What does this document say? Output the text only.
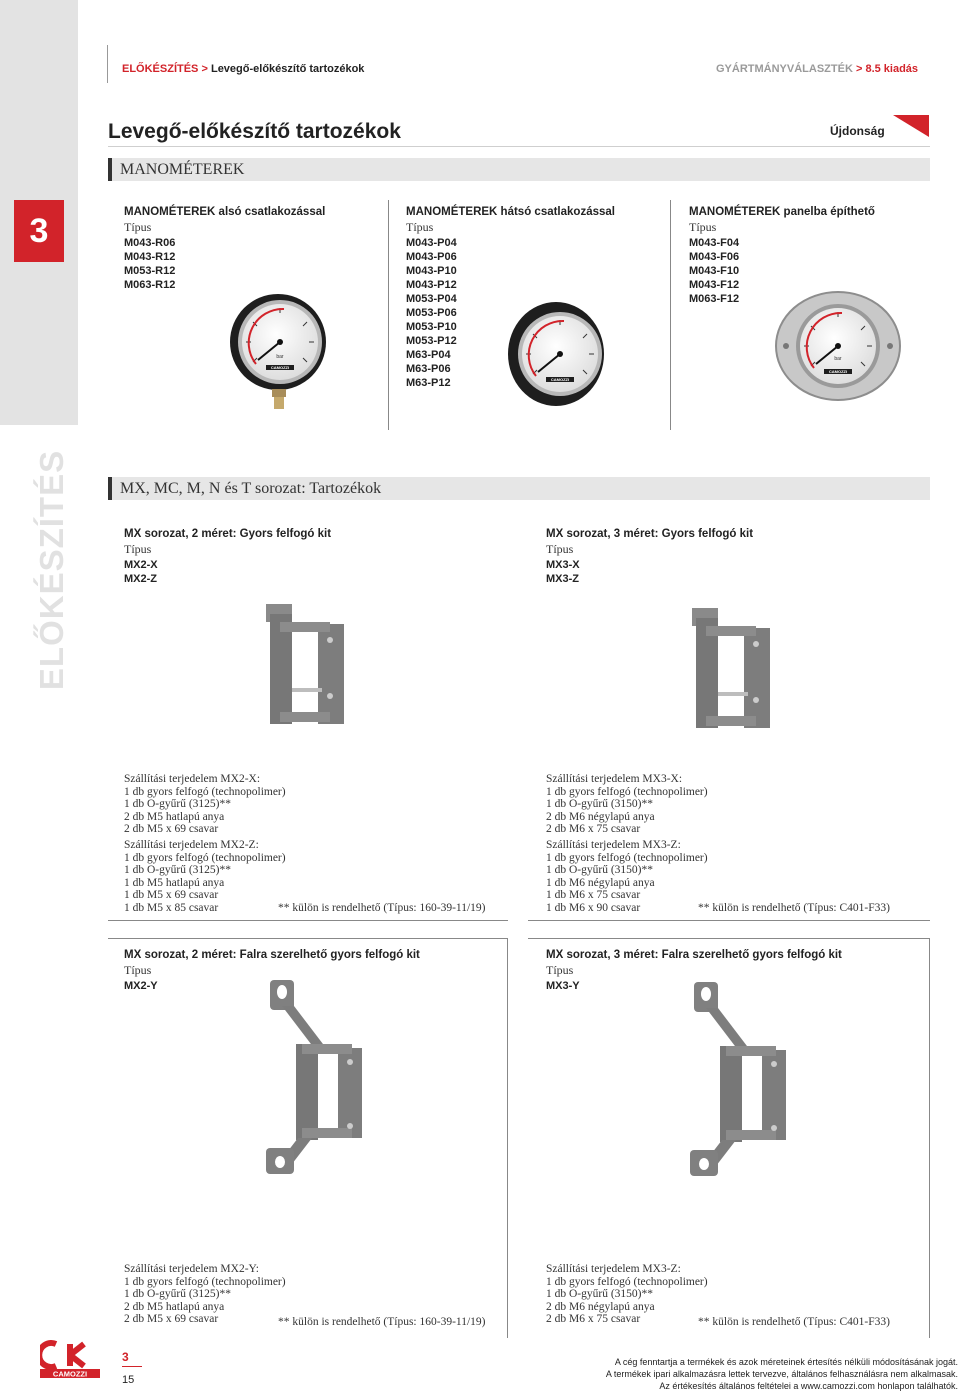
3
ELŐKÉSZÍTÉS
ELŐKÉSZÍTÉS > Levegő-előkészítő tartozékok	GYÁRTMÁNYVÁLASZTÉK > 8.5 kiadás
Levegő-előkészítő tartozékok	Újdonság
MANOMÉTEREK
MANOMÉTEREK alsó csatlakozással
Típus
M043-R06
M043-R12
M053-R12
M063-R12
bar
CAMOZZI
MANOMÉTEREK hátsó csatlakozással
Típus
M043-P04
M043-P06
M043-P10
M043-P12
M053-P04
M053-P06
M053-P10
M053-P12
M63-P04
M63-P06
M63-P12	CAMOZZI
MANOMÉTEREK panelba építhető
Típus
M043-F04
M043-F06
M043-F10
M043-F12
M063-F12
bar
CAMOZZI
MX, MC, M, N és T sorozat: Tartozékok
MX sorozat, 2 méret: Gyors felfogó kit
Típus
MX2-X
MX2-Z
MX sorozat, 3 méret: Gyors felfogó kit
Típus
MX3-X
MX3-Z
Szállítási terjedelem MX2-X:
1 db gyors felfogó (technopolimer)
1 db O-gyűrű (3125)**
2 db M5 hatlapú anya
2 db M5 x 69 csavar
Szállítási terjedelem MX2-Z:
1 db gyors felfogó (technopolimer)
1 db O-gyűrű (3125)**
1 db M5 hatlapú anya
1 db M5 x 69 csavar
1 db M5 x 85 csavar	** külön is rendelhető (Típus: 160-39-11/19)
Szállítási terjedelem MX3-X:
1 db gyors felfogó (technopolimer)
1 db O-gyűrű (3150)**
2 db M6 négylapú anya
2 db M6 x 75 csavar
Szállítási terjedelem MX3-Z:
1 db gyors felfogó (technopolimer)
1 db O-gyűrű (3150)**
1 db M6 négylapú anya
1 db M6 x 75 csavar
1 db M6 x 90 csavar	** külön is rendelhető (Típus: C401-F33)
MX sorozat, 2 méret: Falra szerelhető gyors felfogó kit
Típus
MX2-Y
MX sorozat, 3 méret: Falra szerelhető gyors felfogó kit
Típus
MX3-Y
Szállítási terjedelem MX2-Y:
1 db gyors felfogó (technopolimer)
1 db O-gyűrű (3125)**
2 db M5 hatlapú anya
2 db M5 x 69 csavar	** külön is rendelhető (Típus: 160-39-11/19)
Szállítási terjedelem MX3-Z:
1 db gyors felfogó (technopolimer)
1 db O-gyűrű (3150)**
2 db M6 négylapú anya
2 db M6 x 75 csavar	** külön is rendelhető (Típus: C401-F33)
CAMOZZI
3
15
A cég fenntartja a termékek és azok méreteinek értesítés nélküli módosításának jogát.
A termékek ipari alkalmazásra lettek tervezve, általános felhasználásra nem alkalmasak.
Az értékesítés általános feltételei a www.camozzi.com honlapon találhatók.
